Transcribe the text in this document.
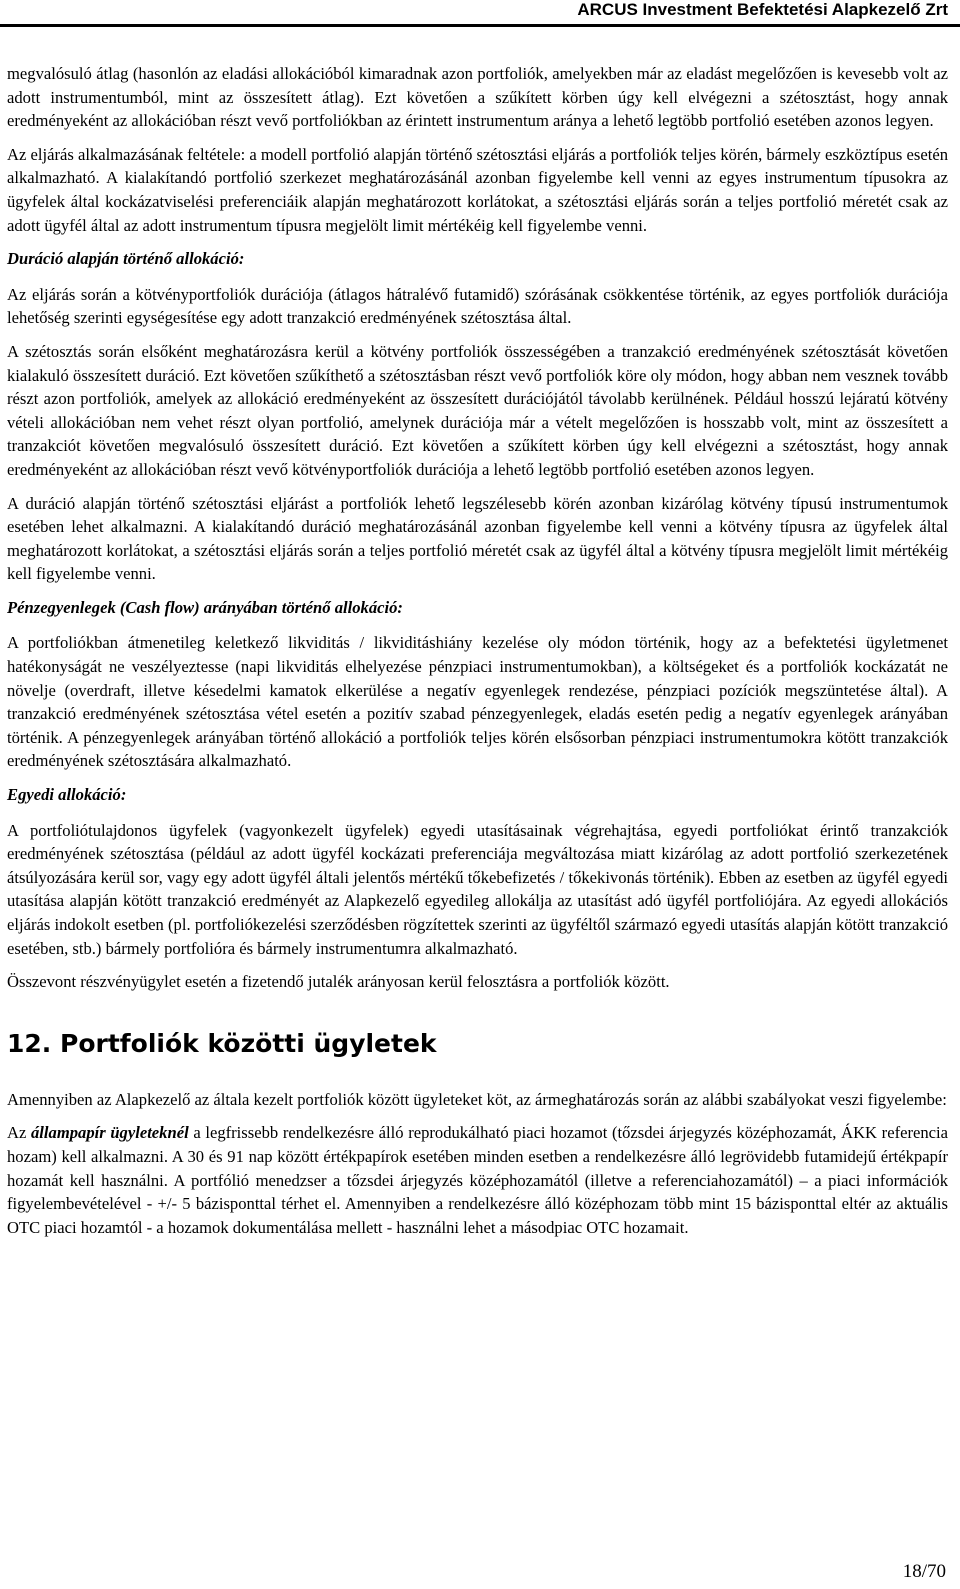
ARCUS Investment Befektetési Alapkezelő Zrt

megvalósuló átlag (hasonlón az eladási allokációból kimaradnak azon portfoliók, amelyekben már az eladást megelőzően is kevesebb volt az adott instrumentumból, mint az összesített átlag). Ezt követően a szűkített körben úgy kell elvégezni a szétosztást, hogy annak eredményeként az allokációban részt vevő portfoliókban az érintett instrumentum aránya a lehető legtöbb portfolió esetében azonos legyen.

Az eljárás alkalmazásának feltétele: a modell portfolió alapján történő szétosztási eljárás a portfoliók teljes körén, bármely eszköztípus esetén alkalmazható. A kialakítandó portfolió szerkezet meghatározásánál azonban figyelembe kell venni az egyes instrumentum típusokra az ügyfelek által kockázatviselési preferenciáik alapján meghatározott korlátokat, a szétosztási eljárás során a teljes portfolió méretét csak az adott ügyfél által az adott instrumentum típusra megjelölt limit mértékéig kell figyelembe venni.

Duráció alapján történő allokáció:

Az eljárás során a kötvényportfoliók durációja (átlagos hátralévő futamidő) szórásának csökkentése történik, az egyes portfoliók durációja lehetőség szerinti egységesítése egy adott tranzakció eredményének szétosztása által.

A szétosztás során elsőként meghatározásra kerül a kötvény portfoliók összességében a tranzakció eredményének szétosztását követően kialakuló összesített duráció. Ezt követően szűkíthető a szétosztásban részt vevő portfoliók köre oly módon, hogy abban nem vesznek tovább részt azon portfoliók, amelyek az allokáció eredményeként az összesített durációjától távolabb kerülnének. Például hosszú lejáratú kötvény vételi allokációban nem vehet részt olyan portfolió, amelynek durációja már a vételt megelőzően is hosszabb volt, mint az összesített a tranzakciót követően megvalósuló összesített duráció. Ezt követően a szűkített körben úgy kell elvégezni a szétosztást, hogy annak eredményeként az allokációban részt vevő kötvényportfoliók durációja a lehető legtöbb portfolió esetében azonos legyen.

A duráció alapján történő szétosztási eljárást a portfoliók lehető legszélesebb körén azonban kizárólag kötvény típusú instrumentumok esetében lehet alkalmazni. A kialakítandó duráció meghatározásánál azonban figyelembe kell venni a kötvény típusra az ügyfelek által meghatározott korlátokat, a szétosztási eljárás során a teljes portfolió méretét csak az ügyfél által a kötvény típusra megjelölt limit mértékéig kell figyelembe venni.

Pénzegyenlegek (Cash flow) arányában történő allokáció:

A portfoliókban átmenetileg keletkező likviditás / likviditáshiány kezelése oly módon történik, hogy az a befektetési ügyletmenet hatékonyságát ne veszélyeztesse (napi likviditás elhelyezése pénzpiaci instrumentumokban), a költségeket és a portfoliók kockázatát ne növelje (overdraft, illetve késedelmi kamatok elkerülése a negatív egyenlegek rendezése, pénzpiaci pozíciók megszüntetése által). A tranzakció eredményének szétosztása vétel esetén a pozitív szabad pénzegyenlegek, eladás esetén pedig a negatív egyenlegek arányában történik. A pénzegyenlegek arányában történő allokáció a portfoliók teljes körén elsősorban pénzpiaci instrumentumokra kötött tranzakciók eredményének szétosztására alkalmazható.

Egyedi allokáció:

A portfoliótulajdonos ügyfelek (vagyonkezelt ügyfelek) egyedi utasításainak végrehajtása, egyedi portfoliókat érintő tranzakciók eredményének szétosztása (például az adott ügyfél kockázati preferenciája megváltozása miatt kizárólag az adott portfolió szerkezetének átsúlyozására kerül sor, vagy egy adott ügyfél általi jelentős mértékű tőkebefizetés / tőkekivonás történik). Ebben az esetben az ügyfél egyedi utasítása alapján kötött tranzakció eredményét az Alapkezelő egyedileg allokálja az utasítást adó ügyfél portfoliójára. Az egyedi allokációs eljárás indokolt esetben (pl. portfoliókezelési szerződésben rögzítettek szerinti az ügyféltől származó egyedi utasítás alapján kötött tranzakció esetében, stb.) bármely portfolióra és bármely instrumentumra alkalmazható.

Összevont részvényügylet esetén a fizetendő jutalék arányosan kerül felosztásra a portfoliók között.

12. Portfoliók közötti ügyletek

Amennyiben az Alapkezelő az általa kezelt portfoliók között ügyleteket köt, az ármeghatározás során az alábbi szabályokat veszi figyelembe:

Az állampapír ügyleteknél a legfrissebb rendelkezésre álló reprodukálható piaci hozamot (tőzsdei árjegyzés középhozamát, ÁKK referencia hozam) kell alkalmazni. A 30 és 91 nap között értékpapírok esetében minden esetben a rendelkezésre álló legrövidebb futamidejű értékpapír hozamát kell használni. A portfólió menedzser a tőzsdei árjegyzés középhozamától (illetve a referenciahozamától) – a piaci információk figyelembevételével - +/- 5 bázisponttal térhet el. Amennyiben a rendelkezésre álló középhozam több mint 15 bázisponttal eltér az aktuális OTC piaci hozamtól - a hozamok dokumentálása mellett - használni lehet a másodpiac OTC hozamait.

18/70
